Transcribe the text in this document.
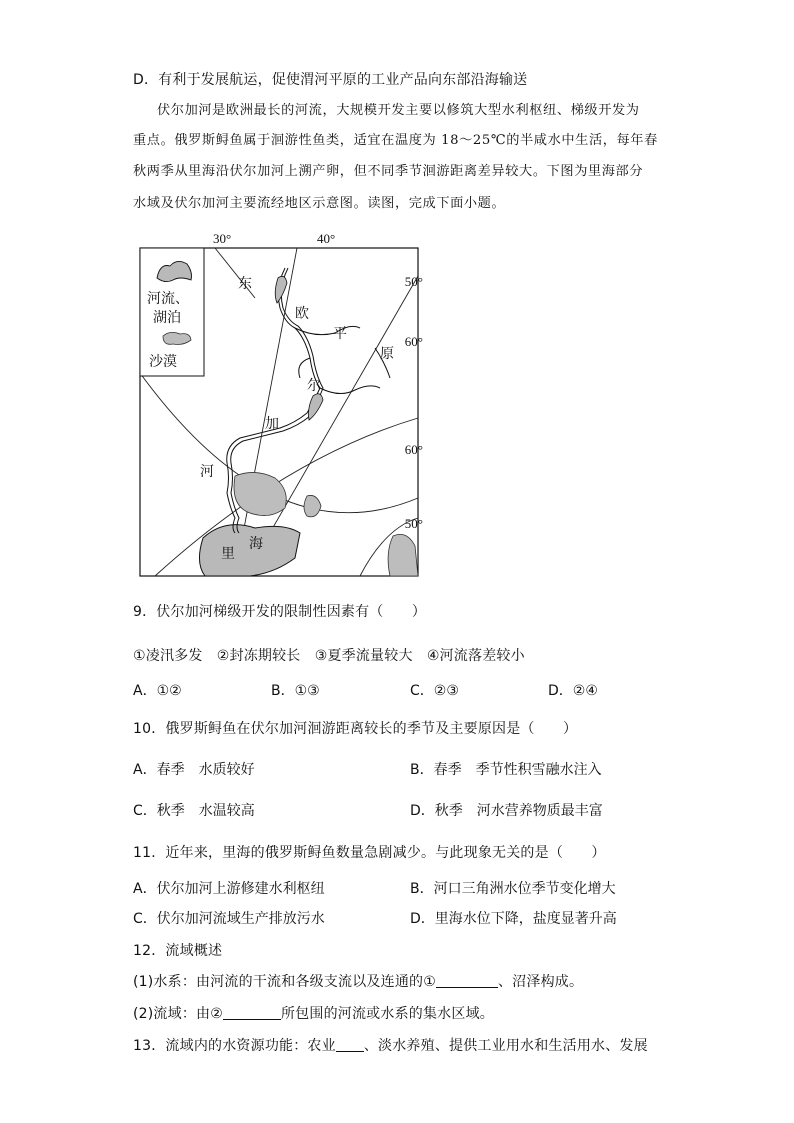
D．有利于发展航运，促使渭河平原的工业产品向东部沿海输送
伏尔加河是欧洲最长的河流，大规模开发主要以修筑大型水利枢纽、梯级开发为
重点。俄罗斯鲟鱼属于洄游性鱼类，适宜在温度为 18～25℃的半咸水中生活，每年春
秋两季从里海沿伏尔加河上溯产卵，但不同季节洄游距离差异较大。下图为里海部分
水域及伏尔加河主要流经地区示意图。读图，完成下面小题。
河流、
湖泊
沙漠
30°	40°
50°
60°
60°
50°
东
欧
平
原
尔
加
河
里
海
9．伏尔加河梯级开发的限制性因素有（　　）
①凌汛多发　②封冻期较长　③夏季流量较大　④河流落差较小
A．①②	B．①③	C．②③	D．②④
10．俄罗斯鲟鱼在伏尔加河洄游距离较长的季节及主要原因是（　　）
A．春季　水质较好	B．春季　季节性积雪融水注入
C．秋季　水温较高	D．秋季　河水营养物质最丰富
11．近年来，里海的俄罗斯鲟鱼数量急剧减少。与此现象无关的是（　　）
A．伏尔加河上游修建水利枢纽	B．河口三角洲水位季节变化增大
C．伏尔加河流域生产排放污水	D．里海水位下降，盐度显著升高
12．流域概述
(1)水系：由河流的干流和各级支流以及连通的①	、沼泽构成。
(2)流域：由②	所包围的河流或水系的集水区域。
13．流域内的水资源功能：农业 、淡水养殖、提供工业用水和生活用水、发展
